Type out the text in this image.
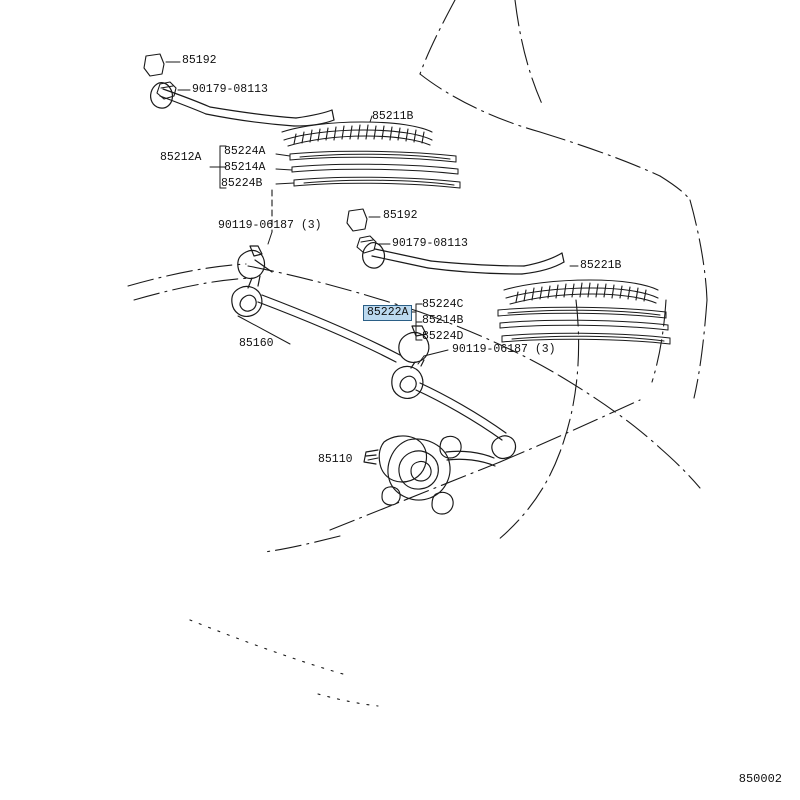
85192
90179-08113
85211B
85212A 85224A
85214A
85224B
90119-06187 (3)
85192
90179-08113
85221B
85222A
85224C
85214B
85224D
90119-06187 (3)
85160
85110
850002
